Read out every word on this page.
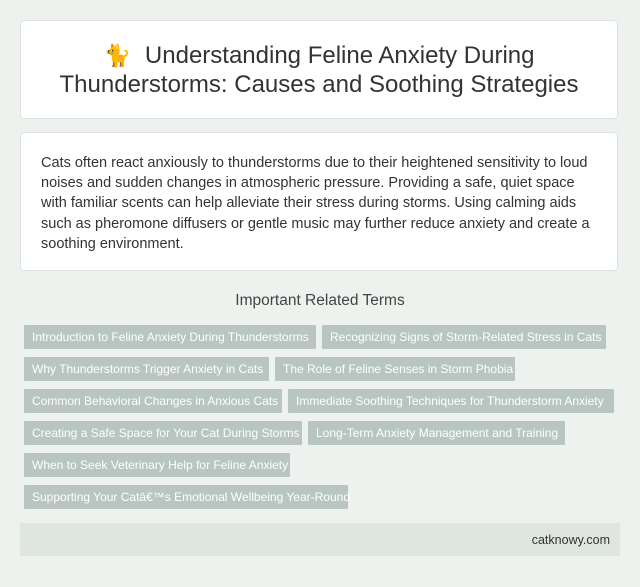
🐈 Understanding Feline Anxiety During Thunderstorms: Causes and Soothing Strategies

Cats often react anxiously to thunderstorms due to their heightened sensitivity to loud noises and sudden changes in atmospheric pressure. Providing a safe, quiet space with familiar scents can help alleviate their stress during storms. Using calming aids such as pheromone diffusers or gentle music may further reduce anxiety and create a soothing environment.

Important Related Terms
Introduction to Feline Anxiety During Thunderstorms	Recognizing Signs of Storm-Related Stress in Cats
Why Thunderstorms Trigger Anxiety in Cats	The Role of Feline Senses in Storm Phobia
Common Behavioral Changes in Anxious Cats	Immediate Soothing Techniques for Thunderstorm Anxiety
Creating a Safe Space for Your Cat During Storms	Long-Term Anxiety Management and Training
When to Seek Veterinary Help for Feline Anxiety
Supporting Your Catâ€™s Emotional Wellbeing Year-Round
catknowy.com
